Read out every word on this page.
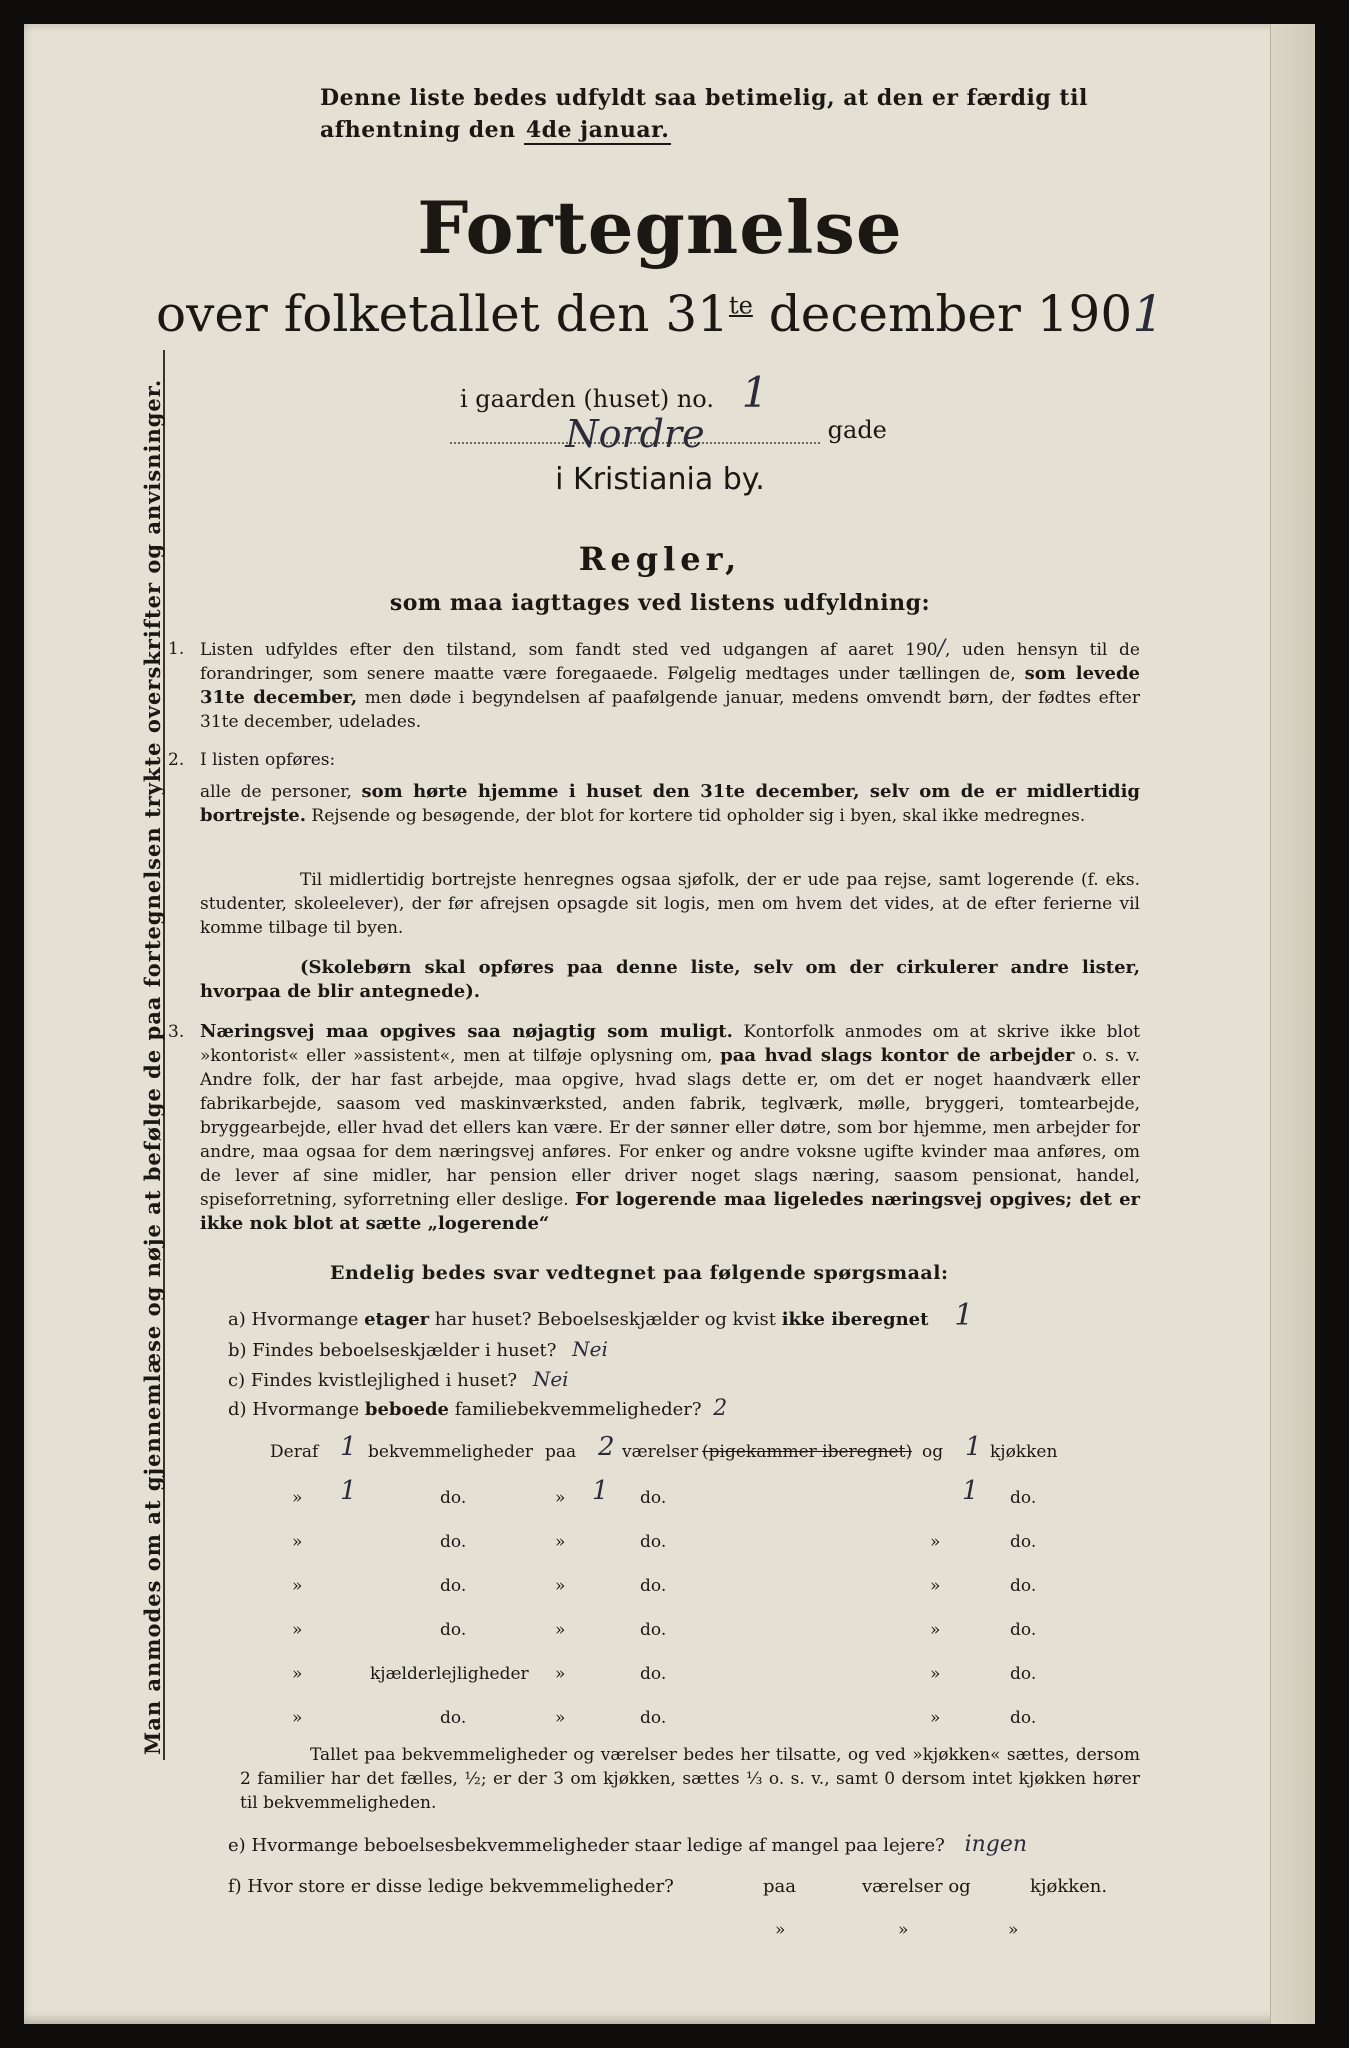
Man anmodes om at gjennemlæse og nøje at befølge de paa fortegnelsen trykte overskrifter og anvisninger.
Denne liste bedes udfyldt saa betimelig, at den er færdig til
afhentning den 4de januar.
Fortegnelse
over folketallet den $31^{te}$ december 1901
i gaarden (huset) no. 1
Nordre	gade
i Kristiania by.
Regler,
som maa iagttages ved listens udfyldning:
1. Listen udfyldes efter den tilstand, som fandt sted ved udgangen af aaret 190/, uden hensyn til de forandringer, som senere maatte være foregaaede. Følgelig medtages under tællingen de, som levede 31te december, men døde i begyndelsen af paafølgende januar, medens omvendt børn, der fødtes efter 31te december, udelades.
2. I listen opføres:
alle de personer, som hørte hjemme i huset den 31te december, selv om de er midlertidig bortrejste. Rejsende og besøgende, der blot for kortere tid opholder sig i byen, skal ikke medregnes.
Til midlertidig bortrejste henregnes ogsaa sjøfolk, der er ude paa rejse, samt logerende (f. eks. studenter, skoleelever), der før afrejsen opsagde sit logis, men om hvem det vides, at de efter ferierne vil komme tilbage til byen.
(Skolebørn skal opføres paa denne liste, selv om der cirkulerer andre lister, hvorpaa de blir antegnede).
3. Næringsvej maa opgives saa nøjagtig som muligt. Kontorfolk anmodes om at skrive ikke blot »kontorist« eller »assistent«, men at tilføje oplysning om, paa hvad slags kontor de arbejder o. s. v. Andre folk, der har fast arbejde, maa opgive, hvad slags dette er, om det er noget haandværk eller fabrikarbejde, saasom ved maskinværksted, anden fabrik, teglværk, mølle, bryggeri, tomtearbejde, bryggearbejde, eller hvad det ellers kan være. Er der sønner eller døtre, som bor hjemme, men arbejder for andre, maa ogsaa for dem næringsvej anføres. For enker og andre voksne ugifte kvinder maa anføres, om de lever af sine midler, har pension eller driver noget slags næring, saasom pensionat, handel, spiseforretning, syforretning eller deslige. For logerende maa ligeledes næringsvej opgives; det er ikke nok blot at sætte „logerende“
Endelig bedes svar vedtegnet paa følgende spørgsmaal:
a) Hvormange etager har huset? Beboelseskjælder og kvist ikke iberegnet 1
b) Findes beboelseskjælder i huset? Nei
c) Findes kvistlejlighed i huset? Nei
d) Hvormange beboede familiebekvemmeligheder? 2
Deraf 1 bekvemmeligheder paa 2 værelser (pigekammer iberegnet) og 1 kjøkken
» 1	do.	» 1 do.	1 do.
»	do.	»	do.	»	do.
»	do.	»	do.	»	do.
»	do.	»	do.	»	do.
»	kjælderlejligheder »	do.	»	do.
»	do.	»	do.	»	do.
Tallet paa bekvemmeligheder og værelser bedes her tilsatte, og ved »kjøkken« sættes, dersom 2 familier har det fælles, ½; er der 3 om kjøkken, sættes ⅓ o. s. v., samt 0 dersom intet kjøkken hører til bekvemmeligheden.
e) Hvormange beboelsesbekvemmeligheder staar ledige af mangel paa lejere? ingen
f) Hvor store er disse ledige bekvemmeligheder?	paa	værelser og	kjøkken.
»	»	»
